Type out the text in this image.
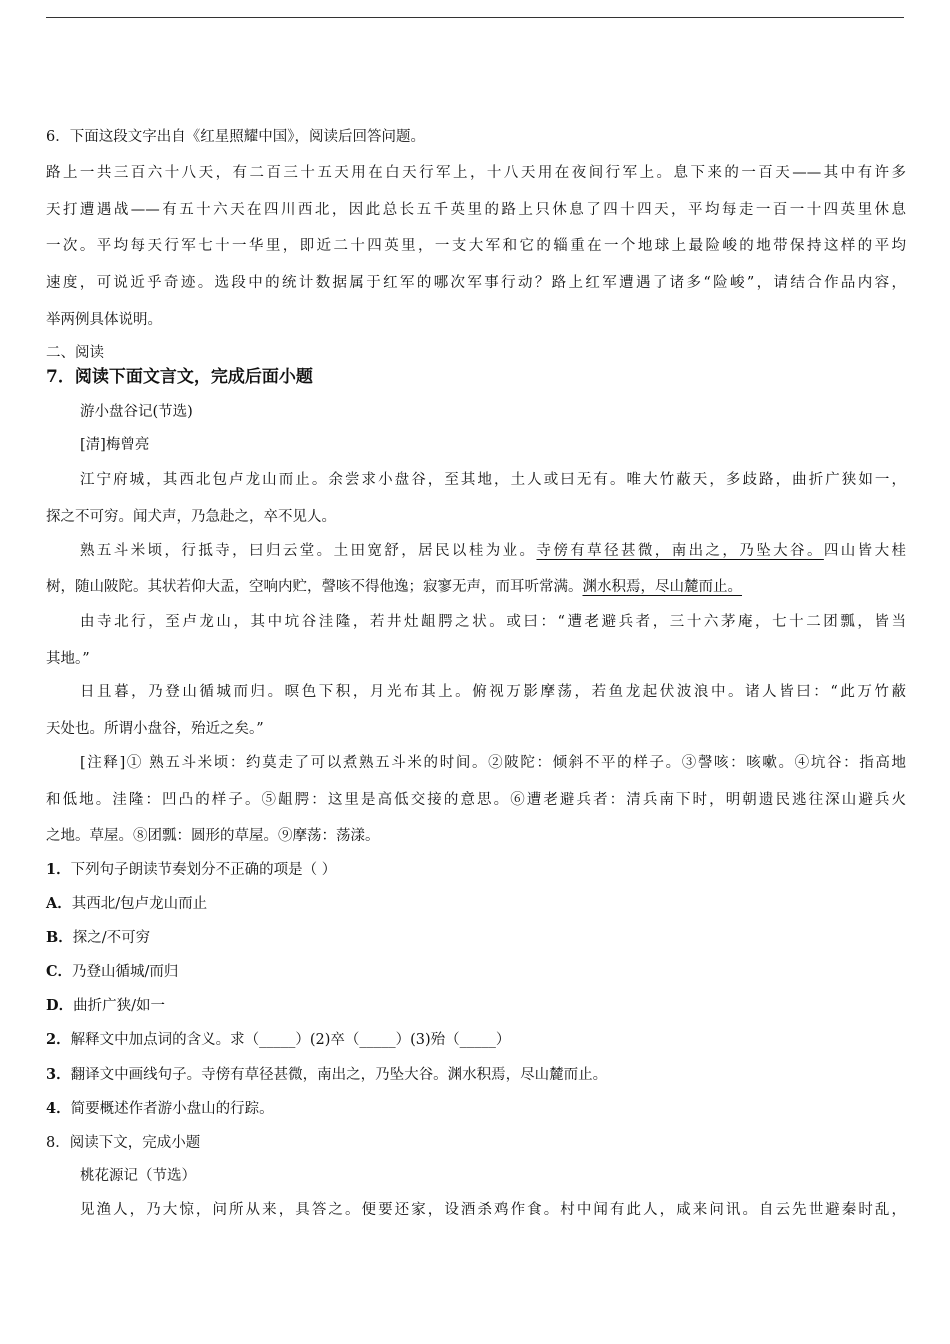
6．下面这段文字出自《红星照耀中国》，阅读后回答问题。
路上一共三百六十八天，有二百三十五天用在白天行军上，十八天用在夜间行军上。息下来的一百天——其中有许多
天打遭遇战——有五十六天在四川西北，因此总长五千英里的路上只休息了四十四天，平均每走一百一十四英里休息
一次。平均每天行军七十一华里，即近二十四英里，一支大军和它的辎重在一个地球上最险峻的地带保持这样的平均
速度，可说近乎奇迹。选段中的统计数据属于红军的哪次军事行动？路上红军遭遇了诸多“险峻”，请结合作品内容，
举两例具体说明。
二、阅读
7．阅读下面文言文，完成后面小题
游小盘谷记(节选)
[清]梅曾亮
江宁府城，其西北包卢龙山而止。余尝求小盘谷，至其地，土人或曰无有。唯大竹蔽天，多歧路，曲折广狭如一，
探之不可穷。闻犬声，乃急赴之，卒不见人。
熟五斗米顷，行抵寺，曰归云堂。土田宽舒，居民以桂为业。寺傍有草径甚微，南出之，乃坠大谷。四山皆大桂
树，随山陂陀。其状若仰大盂，空响内贮，謦咳不得他逸；寂寥无声，而耳听常满。渊水积焉，尽山麓而止。
由寺北行，至卢龙山，其中坑谷洼隆，若井灶龃腭之状。或曰：“遭老避兵者，三十六茅庵，七十二团瓢，皆当
其地。”
日且暮，乃登山循城而归。暝色下积，月光布其上。俯视万影摩荡，若鱼龙起伏波浪中。诸人皆曰：“此万竹蔽
天处也。所谓小盘谷，殆近之矣。”
[注释]① 熟五斗米顷：约莫走了可以煮熟五斗米的时间。②陂陀：倾斜不平的样子。③謦咳：咳嗽。④坑谷：指高地
和低地。洼隆：凹凸的样子。⑤龃腭：这里是高低交接的意思。⑥遭老避兵者：清兵南下时，明朝遗民逃往深山避兵火
之地。草屋。⑧团瓢：圆形的草屋。⑨摩荡：荡漾。
1．下列句子朗读节奏划分不正确的项是（ ）
A．其西北/包卢龙山而止
B．探之/不可穷
C．乃登山循城/而归
D．曲折广狭/如一
2．解释文中加点词的含义。求（_____）(2)卒（_____）(3)殆（_____）
3．翻译文中画线句子。寺傍有草径甚微，南出之，乃坠大谷。渊水积焉，尽山麓而止。
4．简要概述作者游小盘山的行踪。
8．阅读下文，完成小题
桃花源记（节选）
见渔人，乃大惊，问所从来，具答之。便要还家，设酒杀鸡作食。村中闻有此人，咸来问讯。自云先世避秦时乱，
